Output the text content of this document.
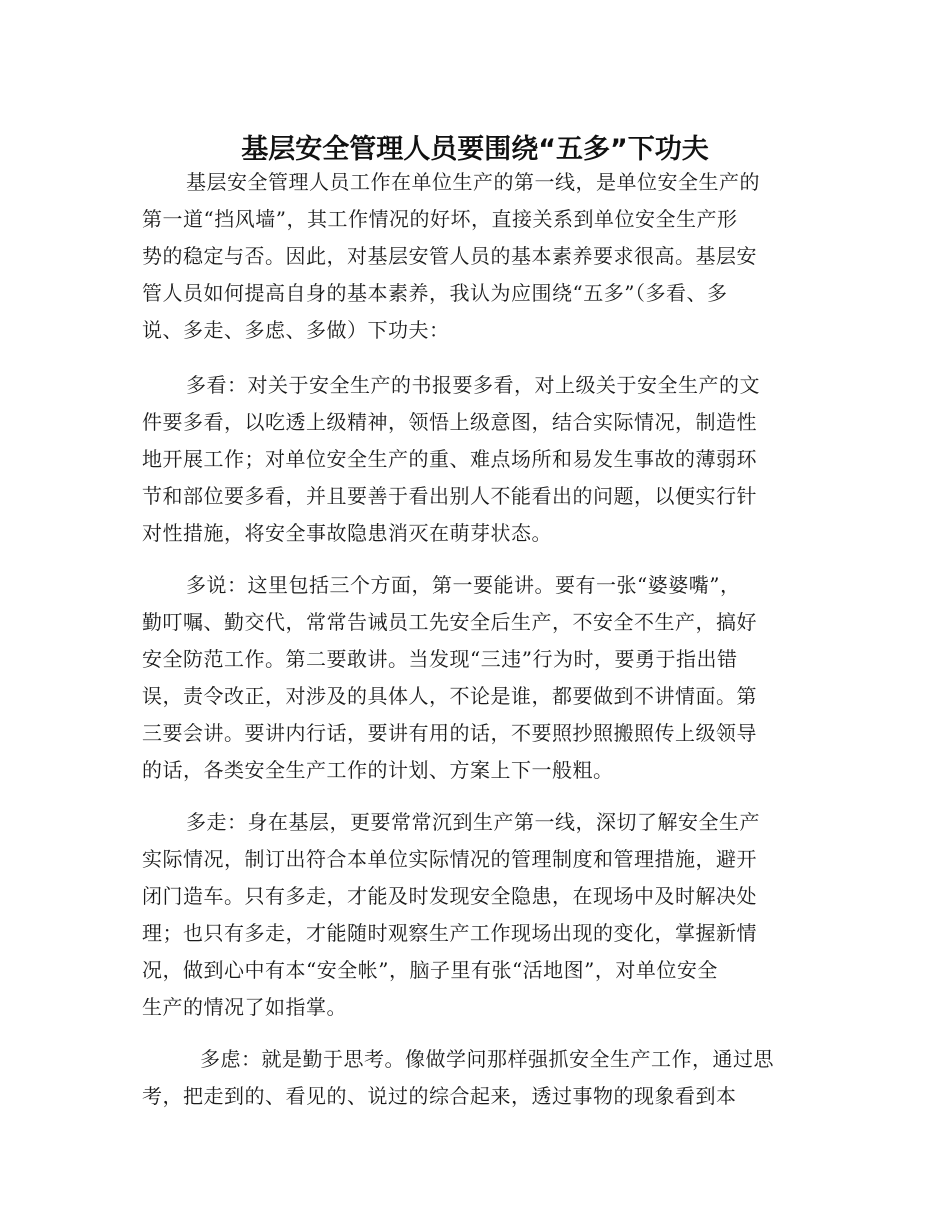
基层安全管理人员要围绕“五多”下功夫

基层安全管理人员工作在单位生产的第一线，是单位安全生产的
第一道“挡风墙”，其工作情况的好坏，直接关系到单位安全生产形
势的稳定与否。因此，对基层安管人员的基本素养要求很高。基层安
管人员如何提高自身的基本素养，我认为应围绕“五多”（多看、多
说、多走、多虑、多做）下功夫：

多看：对关于安全生产的书报要多看，对上级关于安全生产的文
件要多看，以吃透上级精神，领悟上级意图，结合实际情况，制造性
地开展工作；对单位安全生产的重、难点场所和易发生事故的薄弱环
节和部位要多看，并且要善于看出别人不能看出的问题，以便实行针
对性措施，将安全事故隐患消灭在萌芽状态。

多说：这里包括三个方面，第一要能讲。要有一张“婆婆嘴”，
勤叮嘱、勤交代，常常告诫员工先安全后生产，不安全不生产，搞好
安全防范工作。第二要敢讲。当发现“三违”行为时，要勇于指出错
误，责令改正，对涉及的具体人，不论是谁，都要做到不讲情面。第
三要会讲。要讲内行话，要讲有用的话，不要照抄照搬照传上级领导
的话，各类安全生产工作的计划、方案上下一般粗。

多走：身在基层，更要常常沉到生产第一线，深切了解安全生产
实际情况，制订出符合本单位实际情况的管理制度和管理措施，避开
闭门造车。只有多走，才能及时发现安全隐患，在现场中及时解决处
理；也只有多走，才能随时观察生产工作现场出现的变化，掌握新情
况，做到心中有本“安全帐”，脑子里有张“活地图”，对单位安全
生产的情况了如指掌。

多虑：就是勤于思考。像做学问那样强抓安全生产工作，通过思
考，把走到的、看见的、说过的综合起来，透过事物的现象看到本
